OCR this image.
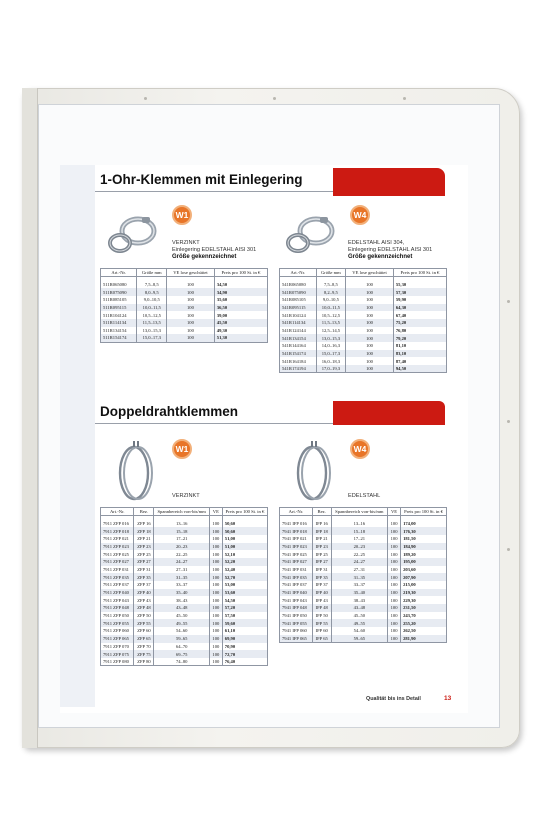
1-Ohr-Klemmen mit Einlegering
W1
VERZINKT
Einlegering EDELSTAHL AISI 301
Größe gekennzeichnet
Art.-Nr.	Größe mm	VE lose geschüttet	Preis pro 100 St. in €

511R065080	7,5–8,5	100	34,50
511R075090	8,0–9,5	100	34,90
511R085105	9,0–10,5	100	35,60
511R095115	10,0–11,5	100	36,50
511R104124	10,5–12,5	100	39,00
511R114134	11,5–13,5	100	45,50
511R134154	13,0–15,3	100	49,30
511R154174	15,0–17,3	100	51,30
W4
EDELSTAHL AISI 304,
Einlegering EDELSTAHL AISI 301
Größe gekennzeichnet
Art.-Nr.	Größe mm	VE lose geschüttet	Preis pro 100 St. in €

541R065080	7,5–8,5	100	55,30
541R075090	8,2–9,5	100	57,30
541R085105	9,0–10,5	100	59,90
541R095115	10,0–11,5	100	64,30
541R104124	10,5–12,5	100	67,40
541R114134	11,5–13,5	100	75,20
541R124144	12,5–14,5	100	76,80
541R134154	13,0–15,3	100	79,20
541R144164	14,0–16,3	100	81,10
541R154174	15,0–17,3	100	83,10
541R164184	16,0–18,3	100	87,40
541R174194	17,0–19,3	100	94,50
Doppeldrahtklemmen
W1
VERZINKT
Art.-Nr.	Bez.	Spannbereich von-bis/mm	VE	Preis pro 100 St. in €

7911 ZFP 016	ZFP 16	13–16	100	50,60
7911 ZFP 018	ZFP 18	15–18	100	50,60
7911 ZFP 021	ZFP 21	17–21	100	51,00
7911 ZFP 023	ZFP 23	20–23	100	51,00
7911 ZFP 025	ZFP 25	22–25	100	52,10
7911 ZFP 027	ZFP 27	24–27	100	52,20
7911 ZFP 031	ZFP 31	27–31	100	52,40
7911 ZFP 035	ZFP 35	31–35	100	52,70
7911 ZFP 037	ZFP 37	33–37	100	53,00
7911 ZFP 040	ZFP 40	35–40	100	53,60
7911 ZFP 043	ZFP 43	38–43	100	54,50
7911 ZFP 048	ZFP 48	43–48	100	57,20
7911 ZFP 050	ZFP 50	45–50	100	57,50
7911 ZFP 055	ZFP 55	49–55	100	59,60
7911 ZFP 060	ZFP 60	54–60	100	61,10
7911 ZFP 065	ZFP 65	59–65	100	69,90
7911 ZFP 070	ZFP 70	64–70	100	70,90
7911 ZFP 075	ZFP 75	69–75	100	72,70
7911 ZFP 080	ZFP 80	74–80	100	76,40
W4
EDELSTAHL
Art.-Nr.	Bez.	Spannbereich von-bis/mm	VE	Preis pro 100 St. in €

7941 IFP 016	IFP 16	13–16	100	174,00
7941 IFP 018	IFP 18	15–18	100	176,30
7941 IFP 021	IFP 21	17–21	100	181,50
7941 IFP 023	IFP 23	20–23	100	184,90
7941 IFP 025	IFP 25	22–25	100	189,20
7941 IFP 027	IFP 27	24–27	100	195,00
7941 IFP 031	IFP 31	27–31	100	203,60
7941 IFP 035	IFP 35	31–35	100	207,90
7941 IFP 037	IFP 37	33–37	100	215,00
7941 IFP 040	IFP 40	35–40	100	219,30
7941 IFP 043	IFP 43	38–43	100	229,30
7941 IFP 048	IFP 48	43–48	100	231,50
7941 IFP 050	IFP 50	45–50	100	243,70
7941 IFP 055	IFP 55	49–55	100	255,20
7941 IFP 060	IFP 60	54–60	100	262,50
7941 IFP 065	IFP 65	59–65	100	281,90
Qualität bis ins Detail	13
